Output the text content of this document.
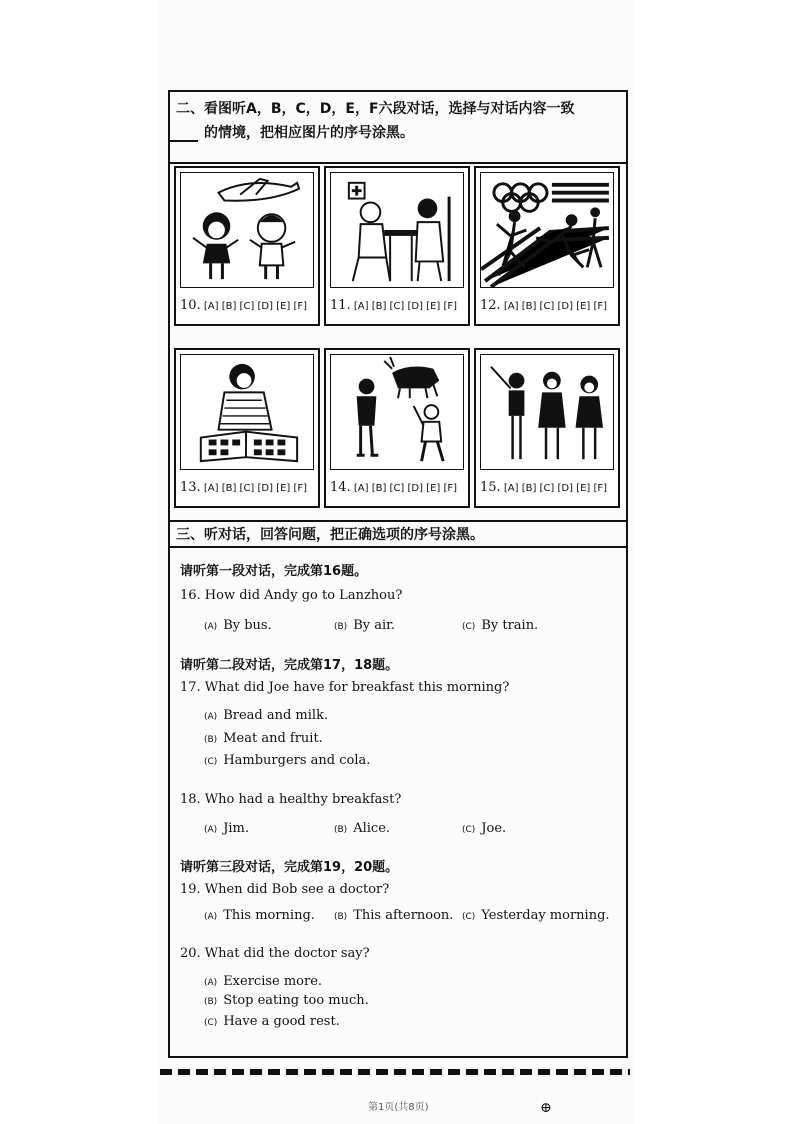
二、看图听A，B，C，D，E，F六段对话，选择与对话内容一致
的情境，把相应图片的序号涂黑。
10. [A] [B] [C] [D] [E] [F]	11. [A] [B] [C] [D] [E] [F]	12. [A] [B] [C] [D] [E] [F]
13. [A] [B] [C] [D] [E] [F]	14. [A] [B] [C] [D] [E] [F]	15. [A] [B] [C] [D] [E] [F]
三、听对话，回答问题，把正确选项的序号涂黑。
请听第一段对话，完成第16题。
16. How did Andy go to Lanzhou?
(A) By bus.	(B) By air.	(C) By train.
请听第二段对话，完成第17，18题。
17. What did Joe have for breakfast this morning?
(A) Bread and milk.
(B) Meat and fruit.
(C) Hamburgers and cola.
18. Who had a healthy breakfast?
(A) Jim.	(B) Alice.	(C) Joe.
请听第三段对话，完成第19，20题。
19. When did Bob see a doctor?
(A) This morning. (B) This afternoon. (C) Yesterday morning.
20. What did the doctor say?
(A) Exercise more.
(B) Stop eating too much.
(C) Have a good rest.
第1页(共8页)	⊕
